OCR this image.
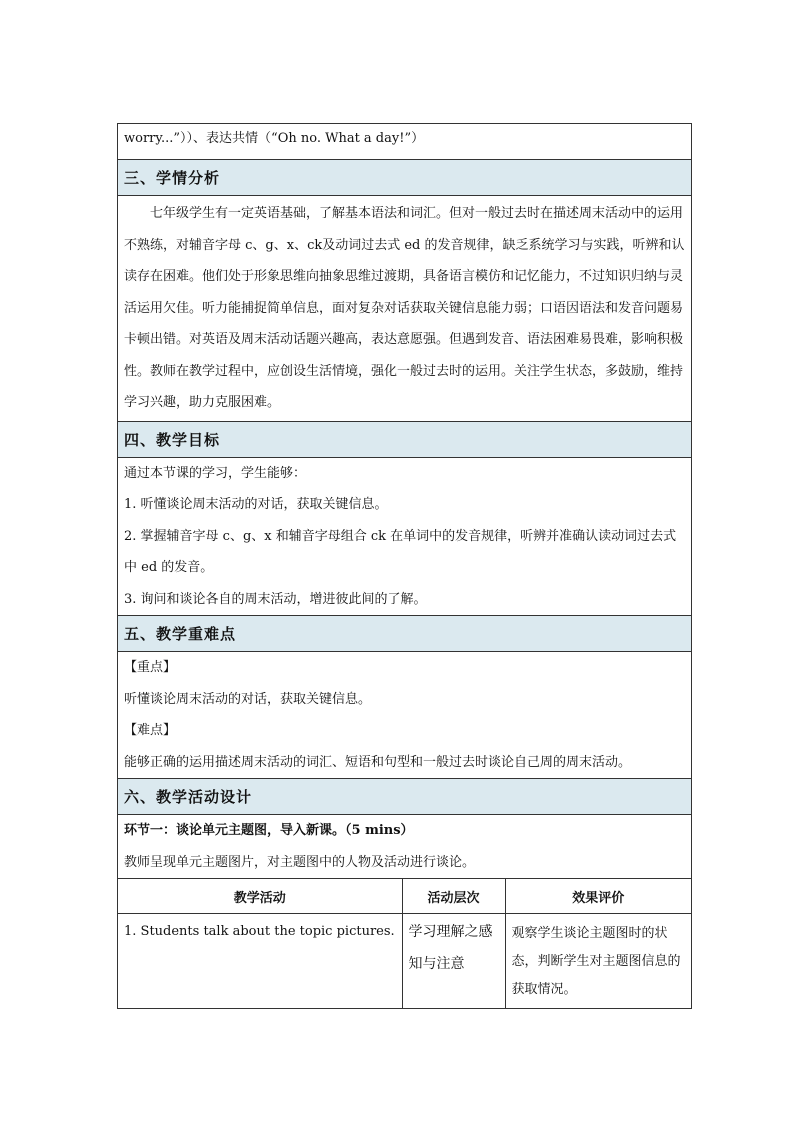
worry...”））、表达共情（“Oh no. What a day!”）

三、学情分析

七年级学生有一定英语基础，了解基本语法和词汇。但对一般过去时在描述周末活动中的运用不熟练，对辅音字母 c、g、x、ck及动词过去式 ed 的发音规律，缺乏系统学习与实践，听辨和认读存在困难。他们处于形象思维向抽象思维过渡期，具备语言模仿和记忆能力，不过知识归纳与灵活运用欠佳。听力能捕捉简单信息，面对复杂对话获取关键信息能力弱；口语因语法和发音问题易卡顿出错。对英语及周末活动话题兴趣高，表达意愿强。但遇到发音、语法困难易畏难，影响积极性。教师在教学过程中，应创设生活情境，强化一般过去时的运用。关注学生状态，多鼓励，维持学习兴趣，助力克服困难。

四、教学目标

通过本节课的学习，学生能够：

1. 听懂谈论周末活动的对话，获取关键信息。

2. 掌握辅音字母 c、g、x 和辅音字母组合 ck 在单词中的发音规律，听辨并准确认读动词过去式中 ed 的发音。

3. 询问和谈论各自的周末活动，增进彼此间的了解。

五、教学重难点

【重点】

听懂谈论周末活动的对话，获取关键信息。

【难点】

能够正确的运用描述周末活动的词汇、短语和句型和一般过去时谈论自己周的周末活动。

六、教学活动设计

环节一：谈论单元主题图，导入新课。（5 mins）

教师呈现单元主题图片，对主题图中的人物及活动进行谈论。

教学活动	活动层次	效果评价
1. Students talk about the topic pictures.	学习理解之感知与注意	观察学生谈论主题图时的状态，判断学生对主题图信息的获取情况。
